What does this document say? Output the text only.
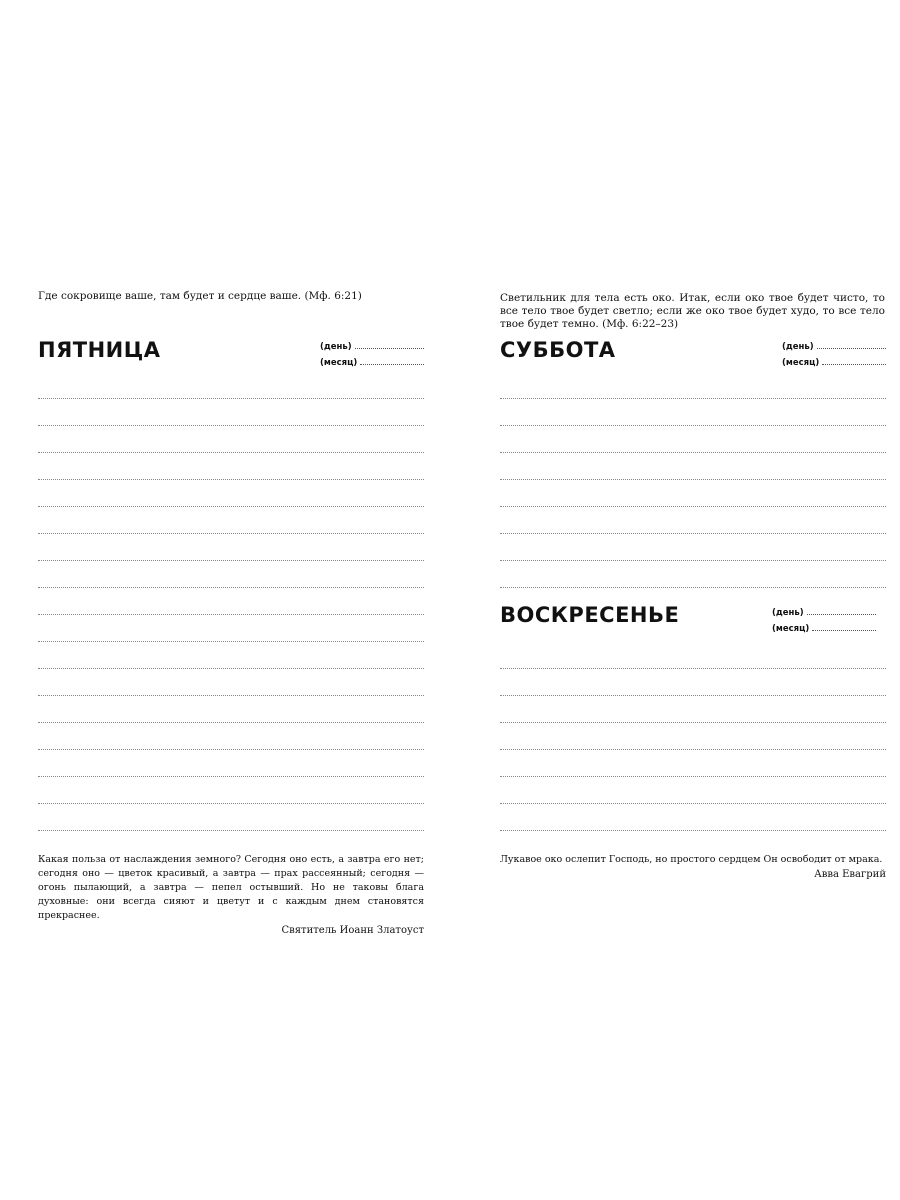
Где сокровище ваше, там будет и сердце ваше. (Мф. 6:21)
ПЯТНИЦА	(день)
(месяц)
Какая польза от наслаждения земного? Сегодня оно есть, а завтра его нет; сегодня оно — цветок красивый, а завтра — прах рассеянный; сегодня — огонь пылающий, а завтра — пепел остывший. Но не таковы блага духовные: они всегда сияют и цветут и с каждым днем становятся прекраснее.
Святитель Иоанн Златоуст
Светильник для тела есть око. Итак, если око твое будет чисто, то все тело твое будет светло; если же око твое будет худо, то все тело твое будет темно. (Мф. 6:22–23)
СУББОТА	(день)
(месяц)
ВОСКРЕСЕНЬЕ	(день)
(месяц)
Лукавое око ослепит Господь, но простого сердцем Он освободит от мрака.
Авва Евагрий
